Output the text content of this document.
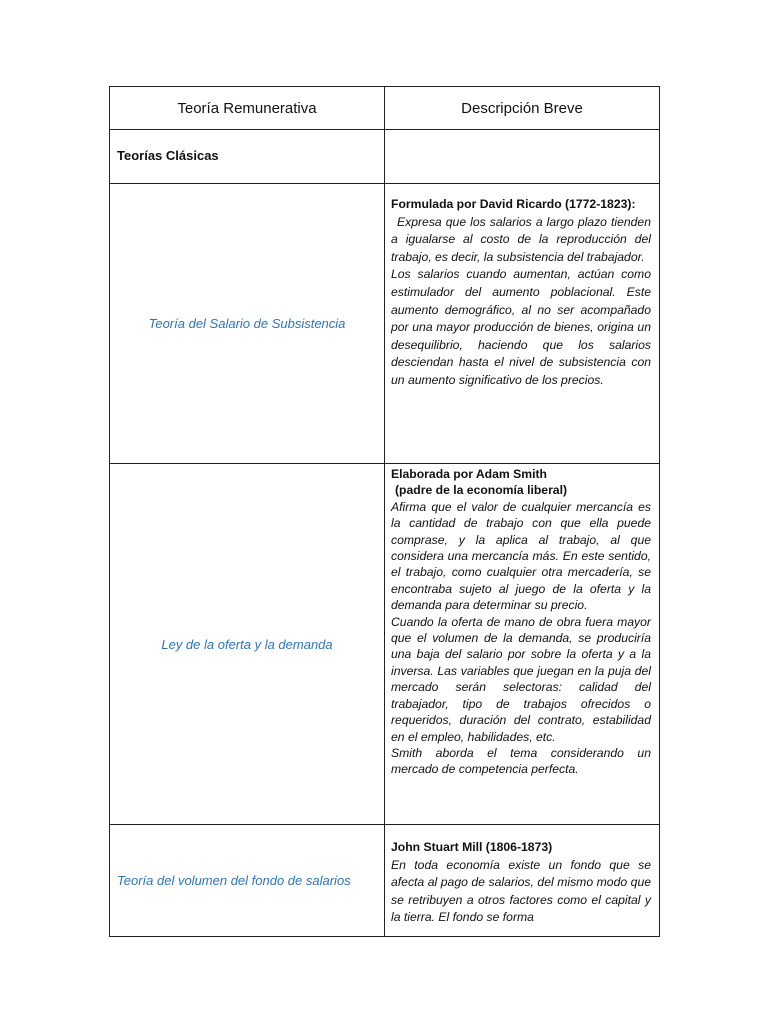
Teoría Remunerativa	Descripción Breve

Teorías Clásicas	

Teoría del Salario de Subsistencia	Formulada por David Ricardo (1772-1823):

Expresa que los salarios a largo plazo tienden a igualarse al costo de la reproducción del trabajo, es decir, la subsistencia del trabajador.

Los salarios cuando aumentan, actúan como estimulador del aumento poblacional. Este aumento demográfico, al no ser acompañado por una mayor producción de bienes, origina un desequilibrio, haciendo que los salarios desciendan hasta el nivel de subsistencia con un aumento significativo de los precios.

Ley de la oferta y la demanda	Elaborada por Adam Smith
(padre de la economía liberal)

Afirma que el valor de cualquier mercancía es la cantidad de trabajo con que ella puede comprase, y la aplica al trabajo, al que considera una mercancía más. En este sentido, el trabajo, como cualquier otra mercadería, se encontraba sujeto al juego de la oferta y la demanda para determinar su precio.

Cuando la oferta de mano de obra fuera mayor que el volumen de la demanda, se produciría una baja del salario por sobre la oferta y a la inversa. Las variables que juegan en la puja del mercado serán selectoras: calidad del trabajador, tipo de trabajos ofrecidos o requeridos, duración del contrato, estabilidad en el empleo, habilidades, etc.

Smith aborda el tema considerando un mercado de competencia perfecta.

Teoría del volumen del fondo de salarios	John Stuart Mill (1806-1873)

En toda economía existe un fondo que se afecta al pago de salarios, del mismo modo que se retribuyen a otros factores como el capital y la tierra. El fondo se forma
